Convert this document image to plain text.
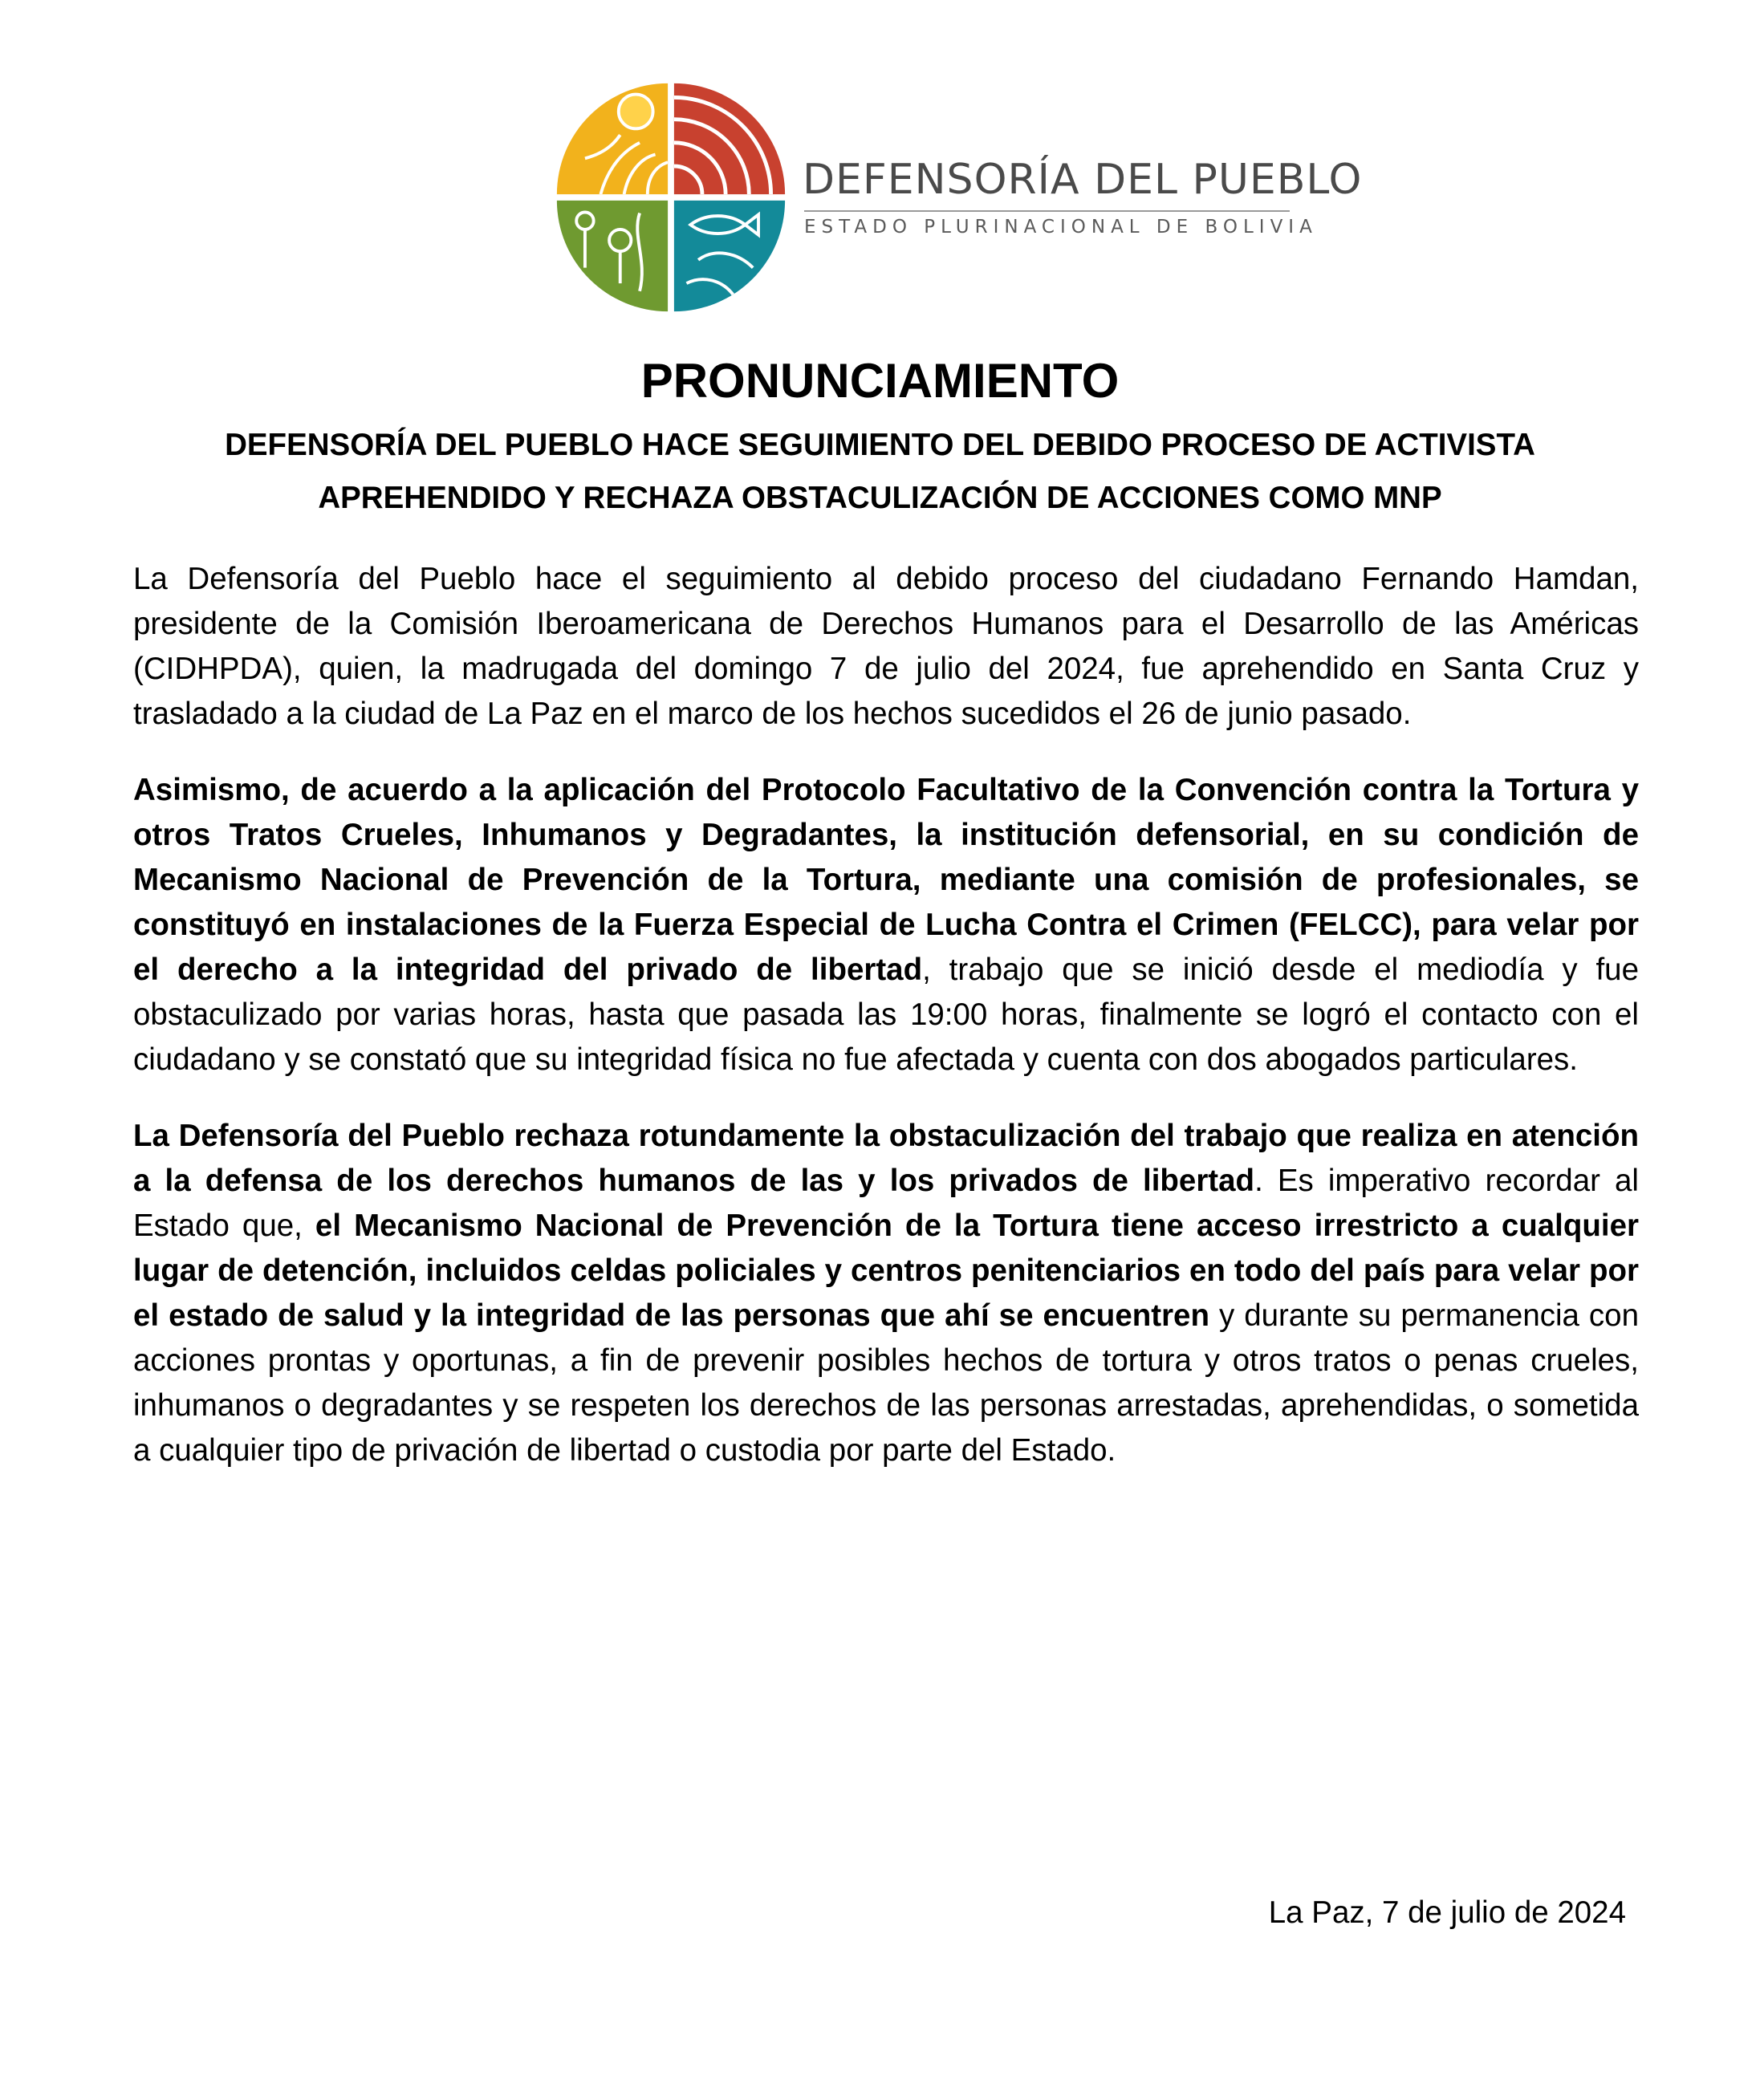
DEFENSORÍA DEL PUEBLO
ESTADO PLURINACIONAL DE BOLIVIA
PRONUNCIAMIENTO
DEFENSORÍA DEL PUEBLO HACE SEGUIMIENTO DEL DEBIDO PROCESO DE ACTIVISTA APREHENDIDO Y RECHAZA OBSTACULIZACIÓN DE ACCIONES COMO MNP

La Defensoría del Pueblo hace el seguimiento al debido proceso del ciudadano Fernando Hamdan, presidente de la Comisión Iberoamericana de Derechos Humanos para el Desarrollo de las Américas (CIDHPDA), quien, la madrugada del domingo 7 de julio del 2024, fue aprehendido en Santa Cruz y trasladado a la ciudad de La Paz en el marco de los hechos sucedidos el 26 de junio pasado.

Asimismo, de acuerdo a la aplicación del Protocolo Facultativo de la Convención contra la Tortura y otros Tratos Crueles, Inhumanos y Degradantes, la institución defensorial, en su condición de Mecanismo Nacional de Prevención de la Tortura, mediante una comisión de profesionales, se constituyó en instalaciones de la Fuerza Especial de Lucha Contra el Crimen (FELCC), para velar por el derecho a la integridad del privado de libertad, trabajo que se inició desde el mediodía y fue obstaculizado por varias horas, hasta que pasada las 19:00 horas, finalmente se logró el contacto con el ciudadano y se constató que su integridad física no fue afectada y cuenta con dos abogados particulares.

La Defensoría del Pueblo rechaza rotundamente la obstaculización del trabajo que realiza en atención a la defensa de los derechos humanos de las y los privados de libertad. Es imperativo recordar al Estado que, el Mecanismo Nacional de Prevención de la Tortura tiene acceso irrestricto a cualquier lugar de detención, incluidos celdas policiales y centros penitenciarios en todo del país para velar por el estado de salud y la integridad de las personas que ahí se encuentren y durante su permanencia con acciones prontas y oportunas, a fin de prevenir posibles hechos de tortura y otros tratos o penas crueles, inhumanos o degradantes y se respeten los derechos de las personas arrestadas, aprehendidas, o sometida a cualquier tipo de privación de libertad o custodia por parte del Estado.

La Paz, 7 de julio de 2024
